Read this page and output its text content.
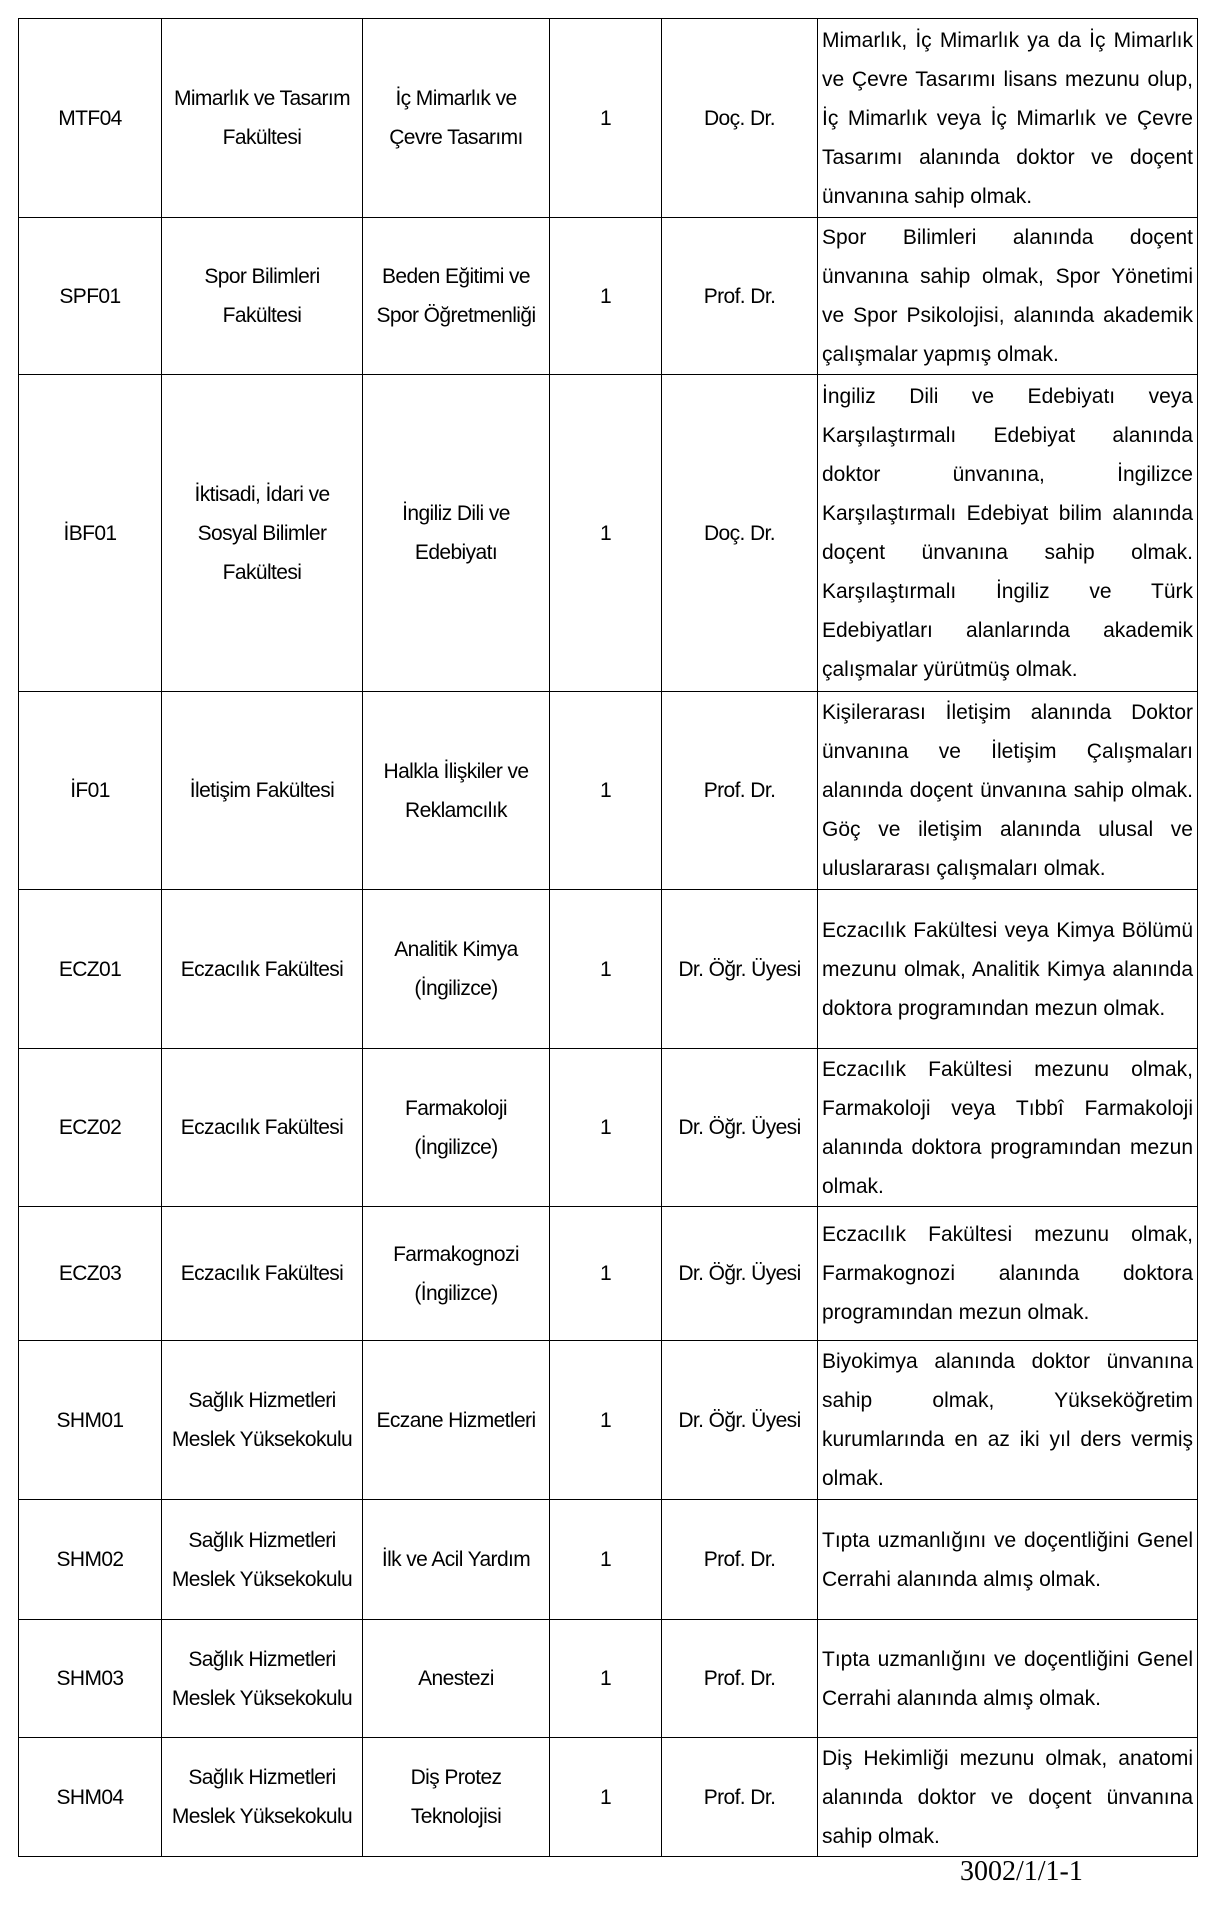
MTF04	Mimarlık ve Tasarım Fakültesi	İç Mimarlık ve Çevre Tasarımı	1	Doç. Dr.	Mimarlık, İç Mimarlık ya da İç Mimarlık ve Çevre Tasarımı lisans mezunu olup, İç Mimarlık veya İç Mimarlık ve Çevre Tasarımı alanında doktor ve doçent ünvanına sahip olmak.
SPF01	Spor Bilimleri Fakültesi	Beden Eğitimi ve Spor Öğretmenliği	1	Prof. Dr.	Spor Bilimleri alanında doçent ünvanına sahip olmak, Spor Yönetimi ve Spor Psikolojisi, alanında akademik çalışmalar yapmış olmak.
İBF01	İktisadi, İdari ve Sosyal Bilimler Fakültesi	İngiliz Dili ve Edebiyatı	1	Doç. Dr.	İngiliz Dili ve Edebiyatı veya Karşılaştırmalı Edebiyat alanında doktor ünvanına, İngilizce Karşılaştırmalı Edebiyat bilim alanında doçent ünvanına sahip olmak. Karşılaştırmalı İngiliz ve Türk Edebiyatları alanlarında akademik çalışmalar yürütmüş olmak.
İF01	İletişim Fakültesi	Halkla İlişkiler ve Reklamcılık	1	Prof. Dr.	Kişilerarası İletişim alanında Doktor ünvanına ve İletişim Çalışmaları alanında doçent ünvanına sahip olmak. Göç ve iletişim alanında ulusal ve uluslararası çalışmaları olmak.
ECZ01	Eczacılık Fakültesi	Analitik Kimya (İngilizce)	1	Dr. Öğr. Üyesi	Eczacılık Fakültesi veya Kimya Bölümü mezunu olmak, Analitik Kimya alanında doktora programından mezun olmak.
ECZ02	Eczacılık Fakültesi	Farmakoloji (İngilizce)	1	Dr. Öğr. Üyesi	Eczacılık Fakültesi mezunu olmak, Farmakoloji veya Tıbbî Farmakoloji alanında doktora programından mezun olmak.
ECZ03	Eczacılık Fakültesi	Farmakognozi (İngilizce)	1	Dr. Öğr. Üyesi	Eczacılık Fakültesi mezunu olmak, Farmakognozi alanında doktora programından mezun olmak.
SHM01	Sağlık Hizmetleri Meslek Yüksekokulu	Eczane Hizmetleri	1	Dr. Öğr. Üyesi	Biyokimya alanında doktor ünvanına sahip olmak, Yükseköğretim kurumlarında en az iki yıl ders vermiş olmak.
SHM02	Sağlık Hizmetleri Meslek Yüksekokulu	İlk ve Acil Yardım	1	Prof. Dr.	Tıpta uzmanlığını ve doçentliğini Genel Cerrahi alanında almış olmak.
SHM03	Sağlık Hizmetleri Meslek Yüksekokulu	Anestezi	1	Prof. Dr.	Tıpta uzmanlığını ve doçentliğini Genel Cerrahi alanında almış olmak.
SHM04	Sağlık Hizmetleri Meslek Yüksekokulu	Diş Protez Teknolojisi	1	Prof. Dr.	Diş Hekimliği mezunu olmak, anatomi alanında doktor ve doçent ünvanına sahip olmak.
3002/1/1-1
